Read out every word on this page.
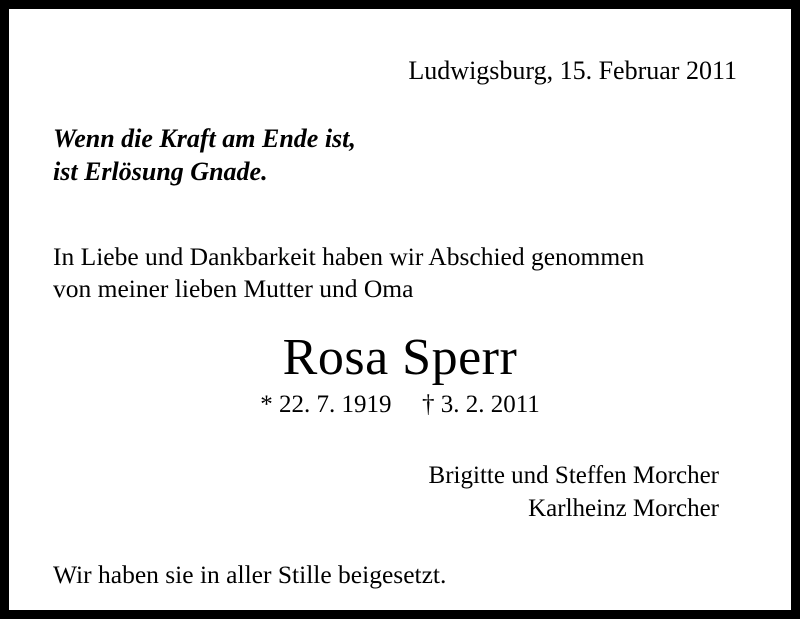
Ludwigsburg, 15. Februar 2011
Wenn die Kraft am Ende ist,
ist Erlösung Gnade.
In Liebe und Dankbarkeit haben wir Abschied genommen
von meiner lieben Mutter und Oma
Rosa Sperr
* 22. 7. 1919 † 3. 2. 2011
Brigitte und Steffen Morcher
Karlheinz Morcher
Wir haben sie in aller Stille beigesetzt.
